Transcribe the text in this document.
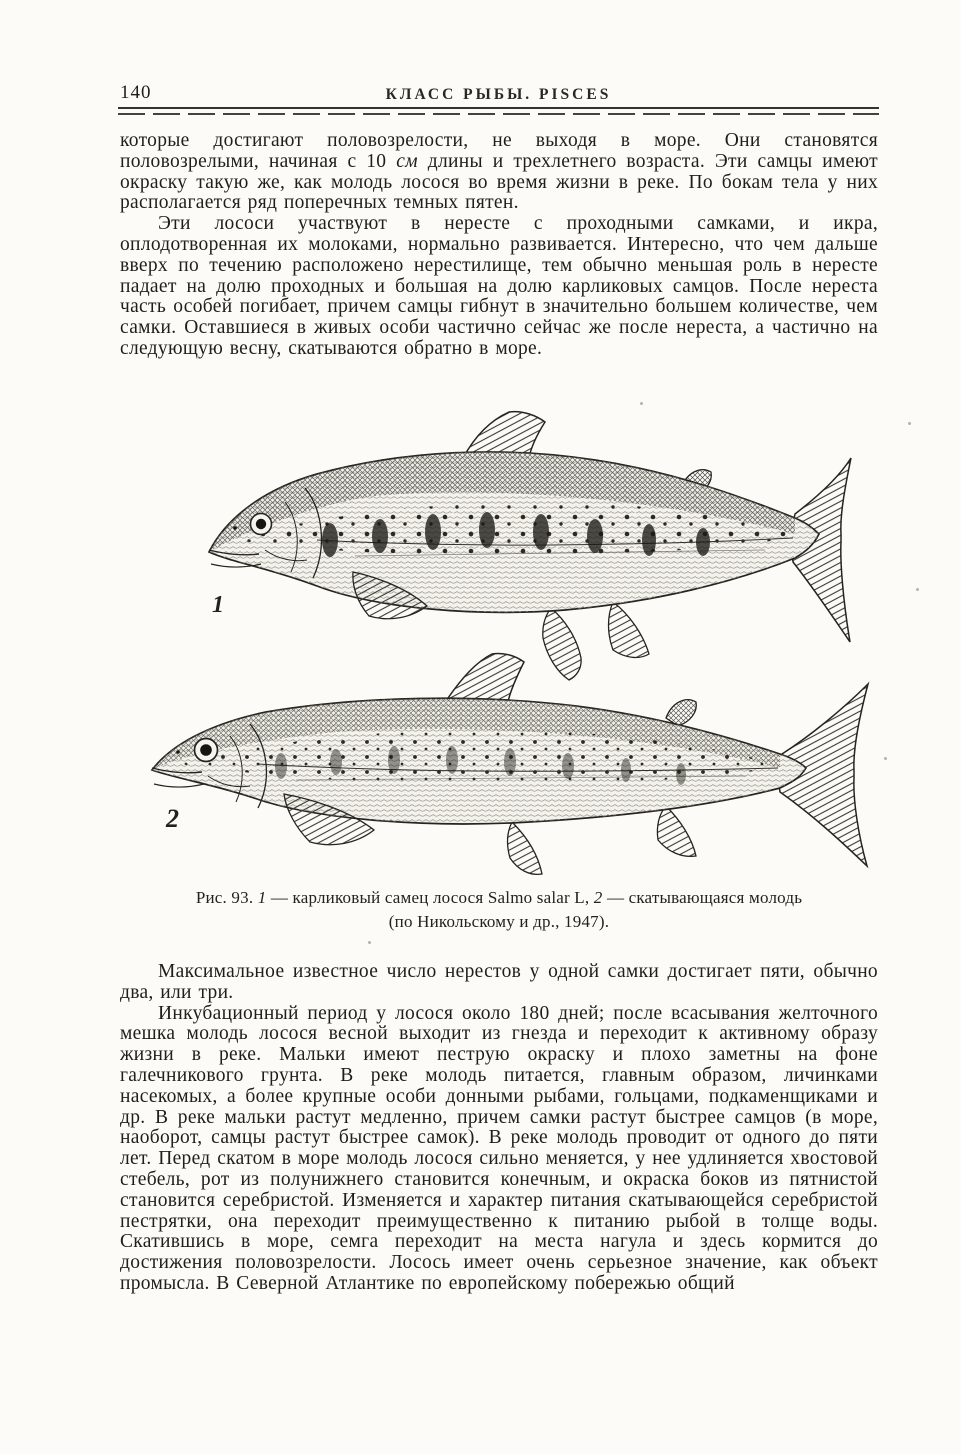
140	КЛАСС РЫБЫ. PISCES

которые достигают половозрелости, не выходя в море. Они становятся половозрелыми, начиная с 10 см длины и трехлетнего возраста. Эти самцы имеют окраску такую же, как молодь лосося во время жизни в реке. По бокам тела у них располагается ряд поперечных темных пятен.

Эти лососи участвуют в нересте с проходными самками, и икра, оплодотворенная их молоками, нормально развивается. Интересно, что чем дальше вверх по течению расположено нерестилище, тем обычно меньшая роль в нересте падает на долю проходных и большая на долю карликовых самцов. После нереста часть особей погибает, причем самцы гибнут в значительно большем количестве, чем самки. Оставшиеся в живых особи частично сейчас же после нереста, а частично на следующую весну, скатываются обратно в море.

1
2
Рис. 93. 1 — карликовый самец лосося Salmo salar L, 2 — скатывающаяся молодь
(по Никольскому и др., 1947).

Максимальное известное число нерестов у одной самки достигает пяти, обычно два, или три.

Инкубационный период у лосося около 180 дней; после всасывания желточного мешка молодь лосося весной выходит из гнезда и переходит к активному образу жизни в реке. Мальки имеют пеструю окраску и плохо заметны на фоне галечникового грунта. В реке молодь питается, главным образом, личинками насекомых, а более крупные особи донными рыбами, гольцами, подкаменщиками и др. В реке мальки растут медленно, причем самки растут быстрее самцов (в море, наоборот, самцы растут быстрее самок). В реке молодь проводит от одного до пяти лет. Перед скатом в море молодь лосося сильно меняется, у нее удлиняется хвостовой стебель, рот из полунижнего становится конечным, и окраска боков из пятнистой становится серебристой. Изменяется и характер питания скатывающейся серебристой пестрятки, она переходит преимущественно к питанию рыбой в толще воды. Скатившись в море, семга переходит на места нагула и здесь кормится до достижения половозрелости. Лосось имеет очень серьезное значение, как объект промысла. В Северной Атлантике по европейскому побережью общий
